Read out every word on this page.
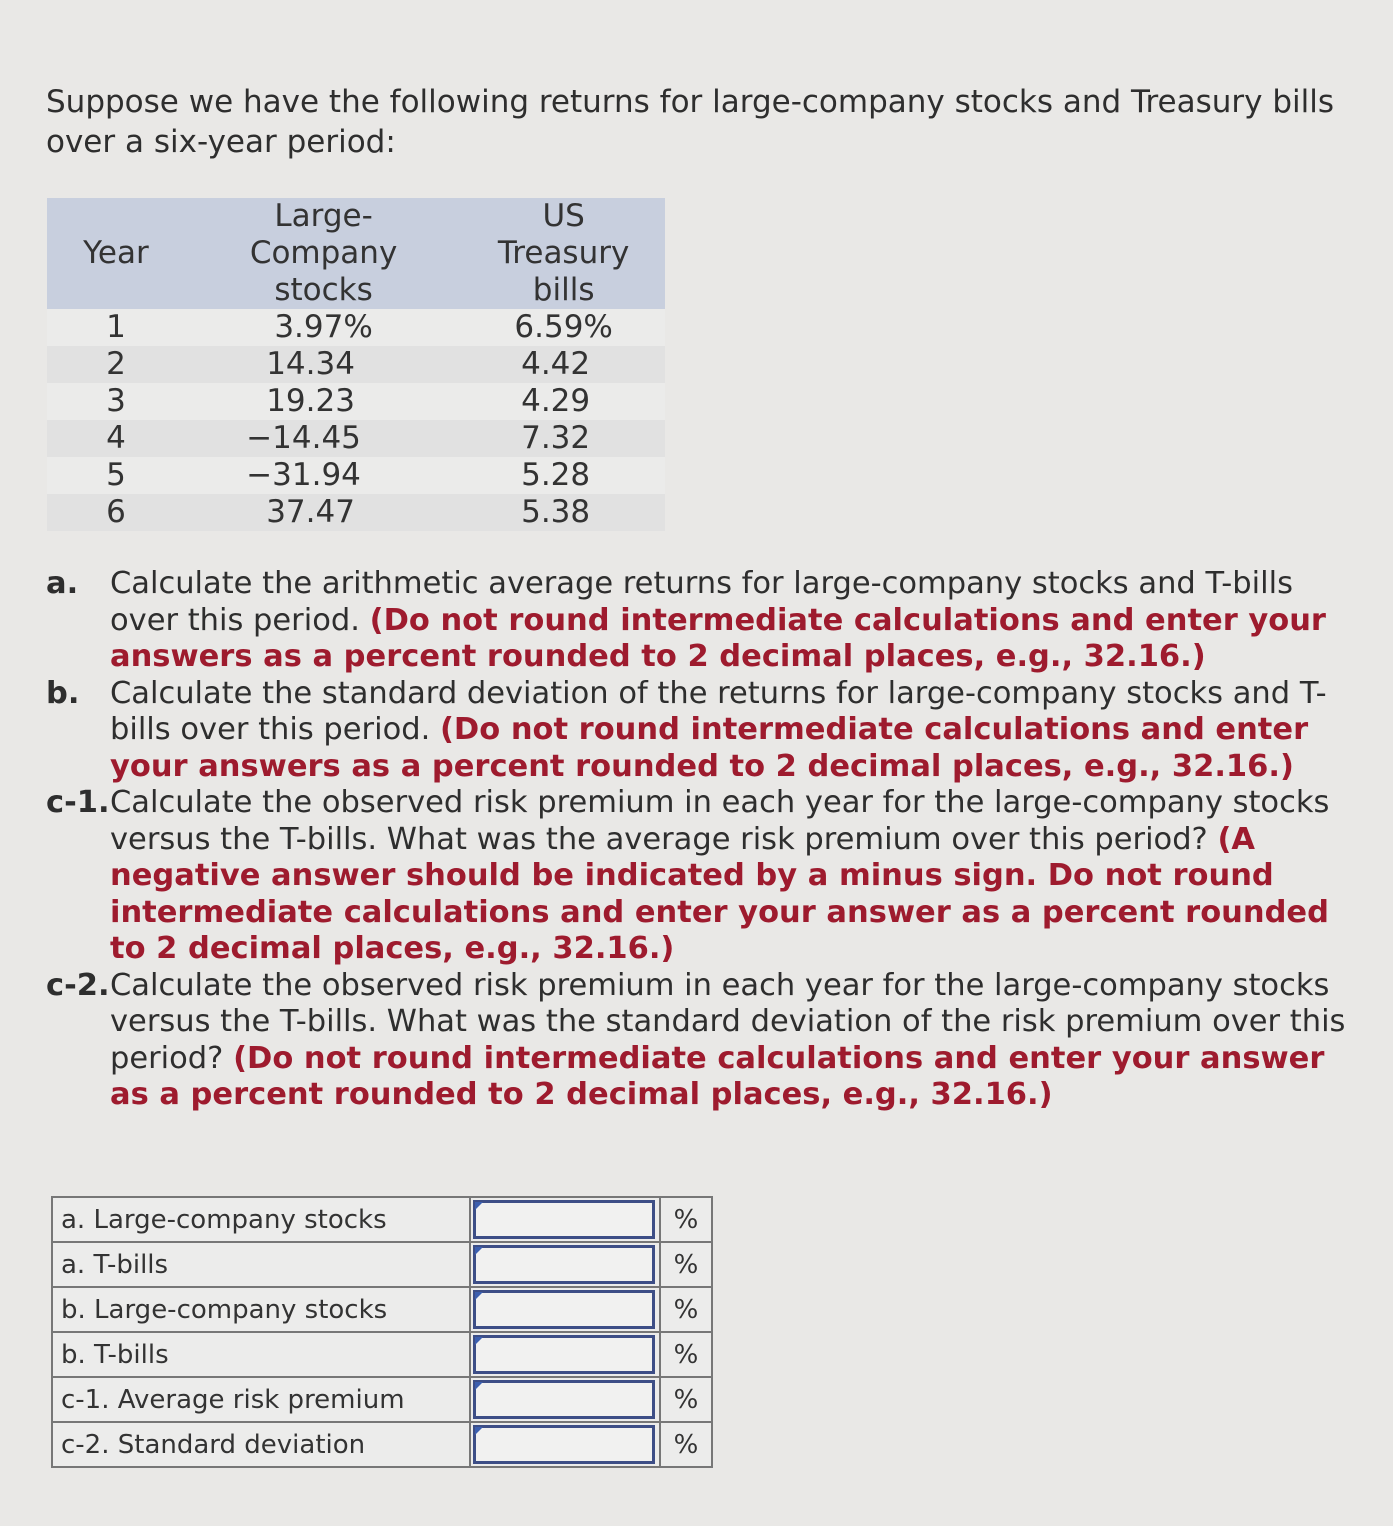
Suppose we have the following returns for large-company stocks and Treasury bills over a six-year period:
Year	Large-Company stocks	US Treasury bills
1	3.97%	6.59%
2	14.34	4.42
3	19.23	4.29
4	−14.45	7.32
5	−31.94	5.28
6	37.47	5.38
a.	Calculate the arithmetic average returns for large-company stocks and T-bills over this period. (Do not round intermediate calculations and enter your answers as a percent rounded to 2 decimal places, e.g., 32.16.)
b.	Calculate the standard deviation of the returns for large-company stocks and T-bills over this period. (Do not round intermediate calculations and enter your answers as a percent rounded to 2 decimal places, e.g., 32.16.)
c-1. Calculate the observed risk premium in each year for the large-company stocks versus the T-bills. What was the average risk premium over this period? (A negative answer should be indicated by a minus sign. Do not round intermediate calculations and enter your answer as a percent rounded to 2 decimal places, e.g., 32.16.)
c-2. Calculate the observed risk premium in each year for the large-company stocks versus the T-bills. What was the standard deviation of the risk premium over this period? (Do not round intermediate calculations and enter your answer as a percent rounded to 2 decimal places, e.g., 32.16.)
a. Large-company stocks		%
a. T-bills		%
b. Large-company stocks		%
b. T-bills		%
c-1. Average risk premium		%
c-2. Standard deviation		%
